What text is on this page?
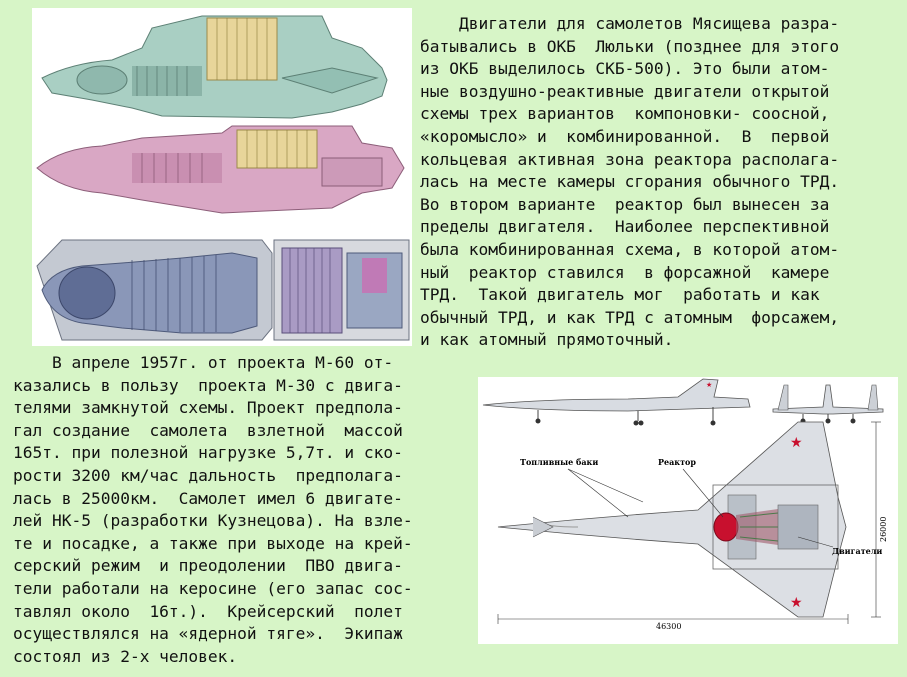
Двигатели для самолетов Мясищева разра-
батывались в ОКБ  Люльки (позднее для этого
из ОКБ выделилось СКБ-500). Это были атом-
ные воздушно-реактивные двигатели открытой
схемы трех вариантов  компоновки- соосной,
«коромысло» и  комбинированной.  В  первой
кольцевая активная зона реактора располага-
лась на месте камеры сгорания обычного ТРД.
Во втором варианте  реактор был вынесен за
пределы двигателя.  Наиболее перспективной
была комбинированная схема, в которой атом-
ный  реактор ставился  в форсажной  камере
ТРД.  Такой двигатель мог  работать и как
обычный ТРД, и как ТРД с атомным  форсажем,
и как атомный прямоточный.
В апреле 1957г. от проекта М-60 от-
казались в пользу  проекта М-30 с двига-
телями замкнутой схемы. Проект предпола-
гал создание  самолета  взлетной  массой
165т. при полезной нагрузке 5,7т. и ско-
рости 3200 км/час дальность  предполага-
лась в 25000км.  Самолет имел 6 двигате-
лей НК-5 (разработки Кузнецова). На взле-
те и посадке, а также при выходе на крей-
серский режим  и преодолении  ПВО двига-
тели работали на керосине (его запас сос-
тавлял около  16т.).  Крейсерский  полет
осуществлялся на «ядерной тяге».  Экипаж
состоял из 2-х человек.
★
★
★
Топливные баки	Реактор
Двигатели
46300
26000
